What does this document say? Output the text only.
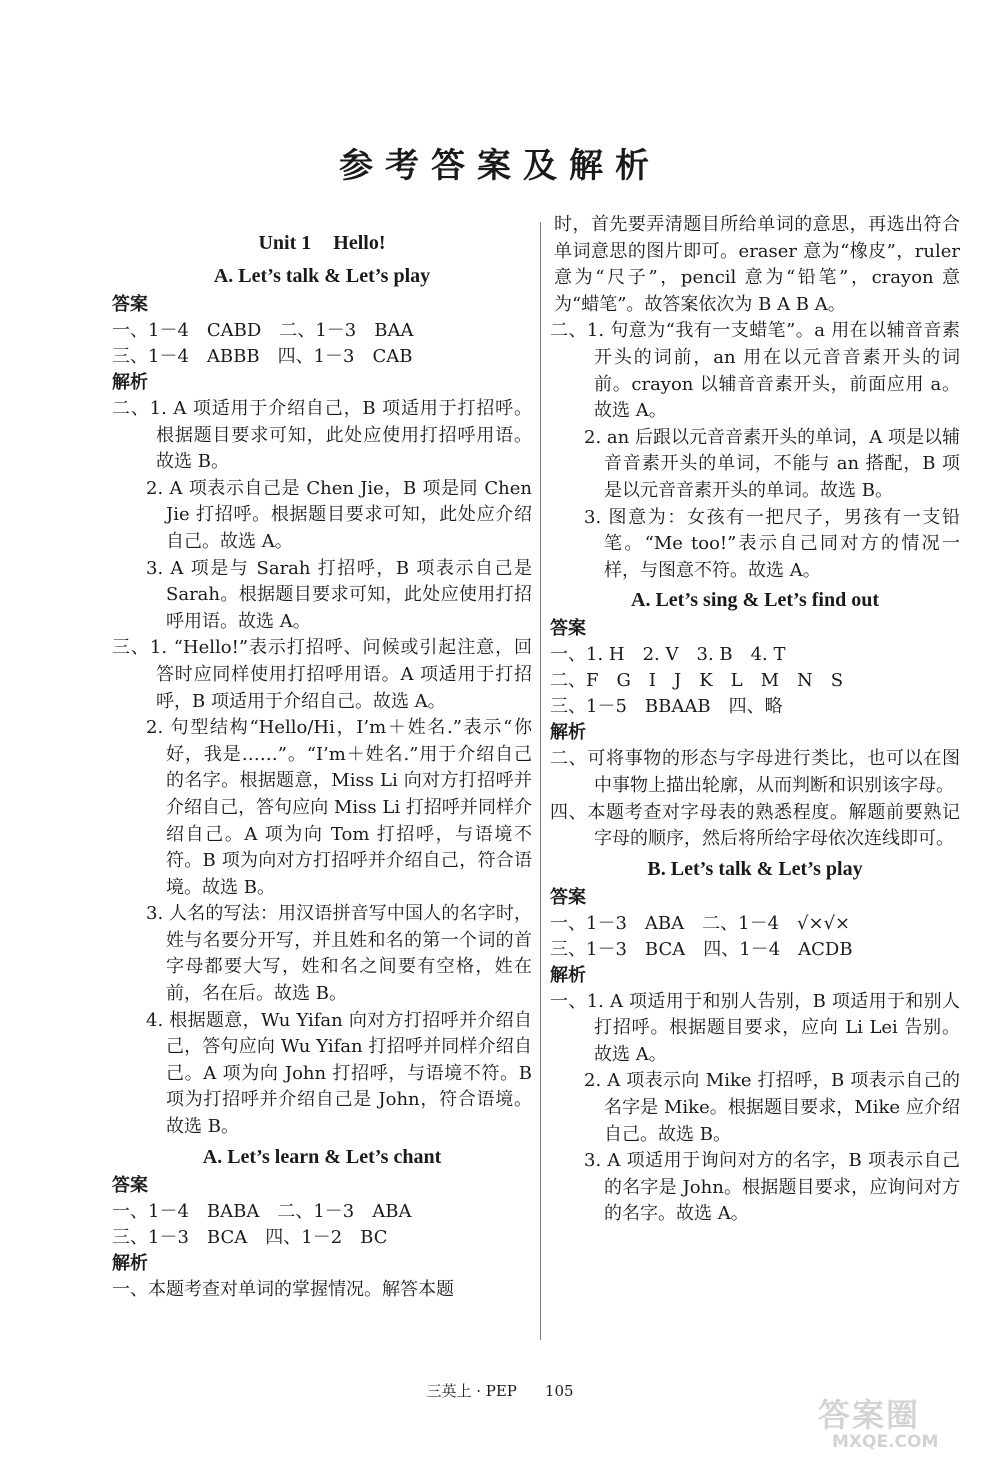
参考答案及解析

Unit 1 Hello!

A. Let’s talk & Let’s play

答案

一、1－4　CABD　二、1－3　BAA

三、1－4　ABBB　四、1－3　CAB

解析

二、1. A 项适用于介绍自己，B 项适用于打招呼。根据题目要求可知，此处应使用打招呼用语。故选 B。

2. A 项表示自己是 Chen Jie，B 项是同 Chen Jie 打招呼。根据题目要求可知，此处应介绍自己。故选 A。

3. A 项是与 Sarah 打招呼，B 项表示自己是 Sarah。根据题目要求可知，此处应使用打招呼用语。故选 A。

三、1. “Hello!”表示打招呼、问候或引起注意，回答时应同样使用打招呼用语。A 项适用于打招呼，B 项适用于介绍自己。故选 A。

2. 句型结构“Hello/Hi，I’m＋姓名.”表示“你好，我是……”。“I’m＋姓名.”用于介绍自己的名字。根据题意，Miss Li 向对方打招呼并介绍自己，答句应向 Miss Li 打招呼并同样介绍自己。A 项为向 Tom 打招呼，与语境不符。B 项为向对方打招呼并介绍自己，符合语境。故选 B。

3. 人名的写法：用汉语拼音写中国人的名字时，姓与名要分开写，并且姓和名的第一个词的首字母都要大写，姓和名之间要有空格，姓在前，名在后。故选 B。

4. 根据题意，Wu Yifan 向对方打招呼并介绍自己，答句应向 Wu Yifan 打招呼并同样介绍自己。A 项为向 John 打招呼，与语境不符。B 项为打招呼并介绍自己是 John，符合语境。故选 B。

A. Let’s learn & Let’s chant

答案

一、1－4　BABA　二、1－3　ABA

三、1－3　BCA　四、1－2　BC

解析

一、本题考查对单词的掌握情况。解答本题

时，首先要弄清题目所给单词的意思，再选出符合单词意思的图片即可。eraser 意为“橡皮”，ruler 意为“尺子”，pencil 意为“铅笔”，crayon 意为“蜡笔”。故答案依次为 B A B A。

二、1. 句意为“我有一支蜡笔”。a 用在以辅音音素开头的词前，an 用在以元音音素开头的词前。crayon 以辅音音素开头，前面应用 a。故选 A。

2. an 后跟以元音音素开头的单词，A 项是以辅音音素开头的单词，不能与 an 搭配，B 项是以元音音素开头的单词。故选 B。

3. 图意为：女孩有一把尺子，男孩有一支铅笔。“Me too!”表示自己同对方的情况一样，与图意不符。故选 A。

A. Let’s sing & Let’s find out

答案

一、1. H　2. V　3. B　4. T

二、F　G　I　J　K　L　M　N　S

三、1－5　BBAAB　四、略

解析

二、可将事物的形态与字母进行类比，也可以在图中事物上描出轮廓，从而判断和识别该字母。

四、本题考查对字母表的熟悉程度。解题前要熟记字母的顺序，然后将所给字母依次连线即可。

B. Let’s talk & Let’s play

答案

一、1－3　ABA　二、1－4　√×√×

三、1－3　BCA　四、1－4　ACDB

解析

一、1. A 项适用于和别人告别，B 项适用于和别人打招呼。根据题目要求，应向 Li Lei 告别。故选 A。

2. A 项表示向 Mike 打招呼，B 项表示自己的名字是 Mike。根据题目要求，Mike 应介绍自己。故选 B。

3. A 项适用于询问对方的名字，B 项表示自己的名字是 John。根据题目要求，应询问对方的名字。故选 A。

三英上 · PEP 105
答案圈
MXQE.COM
